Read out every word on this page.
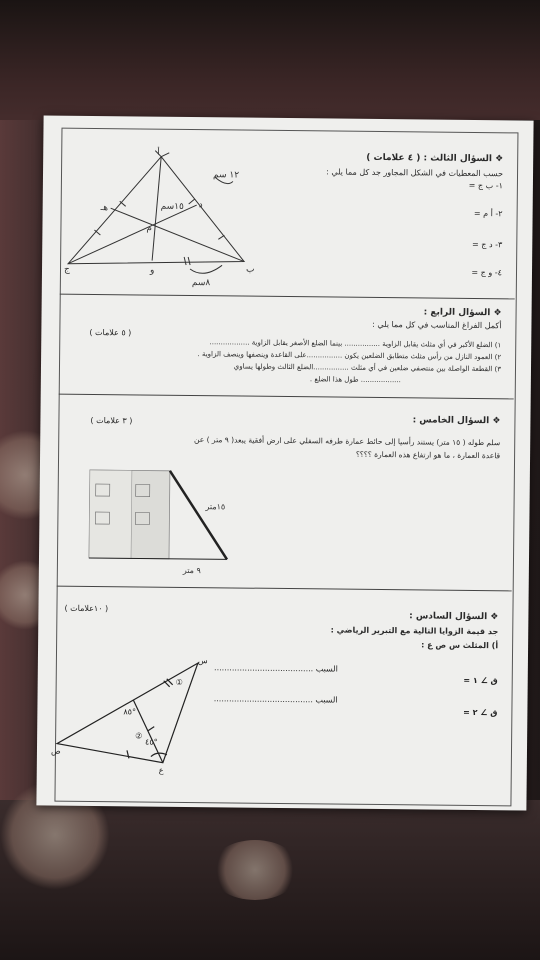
❖ السؤال الثالث : ( ٤ علامات )
حسب المعطيات في الشكل المجاور جد كل مما يلي :
١- ب ج =
٢- أ م =
٣- د ج =
٤- و ج =
أ
ج	ب
م
د
هـ
و
١٢ سم
١٥سم
٨سم
❖ السؤال الرابع :
أكمل الفراغ المناسب في كل مما يلي :
( ٥ علامات )
١) الضلع الأكبر في أي مثلث يقابل الزاوية ................ بينما الضلع الأصغر يقابل الزاوية ..................
٢) العمود النازل من رأس مثلث متطابق الضلعين يكون ................على القاعدة وينصفها وينصف الزاوية .
٣) القطعة الواصلة بين منتصفي ضلعين في أي مثلث ................الضلع الثالث وطولها يساوي
.................. طول هذا الضلع .
❖ السؤال الخامس :
( ٣ علامات )
سلم طوله ( ١٥ متر) يستند رأسيا إلى حائط عمارة طرفه السفلي على ارض أفقية يبعد( ٩ متر ) عن
قاعدة العمارة ، ما هو ارتفاع هذه العمارة ؟؟؟؟
١٥متر
٩ متر
❖ السؤال السادس :
( ١٠علامات )
جد قيمة الزوايا التالية مع التبرير الرياضي :
أ) المثلث س ص ع :
ق ∠ ١ =
ق ∠ ٢ =
السبب .......................................
السبب .......................................
س
ص
ع
٨٥°
٤٥°
①
②
